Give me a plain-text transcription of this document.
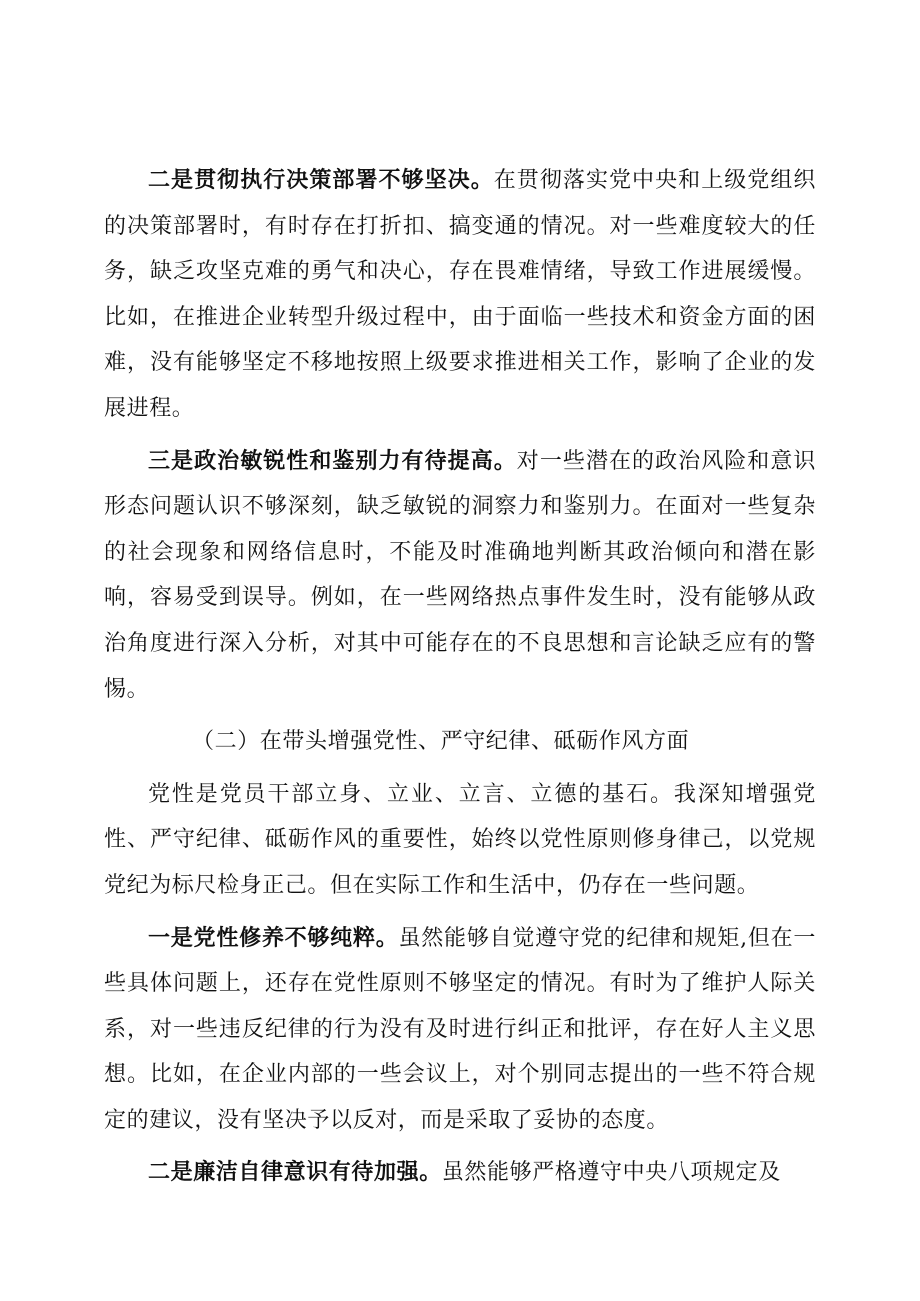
二是贯彻执行决策部署不够坚决。在贯彻落实党中央和上级党组织的决策部署时，有时存在打折扣、搞变通的情况。对一些难度较大的任务，缺乏攻坚克难的勇气和决心，存在畏难情绪，导致工作进展缓慢。比如，在推进企业转型升级过程中，由于面临一些技术和资金方面的困难，没有能够坚定不移地按照上级要求推进相关工作，影响了企业的发展进程。

三是政治敏锐性和鉴别力有待提高。对一些潜在的政治风险和意识形态问题认识不够深刻，缺乏敏锐的洞察力和鉴别力。在面对一些复杂的社会现象和网络信息时，不能及时准确地判断其政治倾向和潜在影响，容易受到误导。例如，在一些网络热点事件发生时，没有能够从政治角度进行深入分析，对其中可能存在的不良思想和言论缺乏应有的警惕。

（二）在带头增强党性、严守纪律、砥砺作风方面

党性是党员干部立身、立业、立言、立德的基石。我深知增强党性、严守纪律、砥砺作风的重要性，始终以党性原则修身律己，以党规党纪为标尺检身正己。但在实际工作和生活中，仍存在一些问题。

一是党性修养不够纯粹。虽然能够自觉遵守党的纪律和规矩,但在一些具体问题上，还存在党性原则不够坚定的情况。有时为了维护人际关系，对一些违反纪律的行为没有及时进行纠正和批评，存在好人主义思想。比如，在企业内部的一些会议上，对个别同志提出的一些不符合规定的建议，没有坚决予以反对，而是采取了妥协的态度。

二是廉洁自律意识有待加强。虽然能够严格遵守中央八项规定及
